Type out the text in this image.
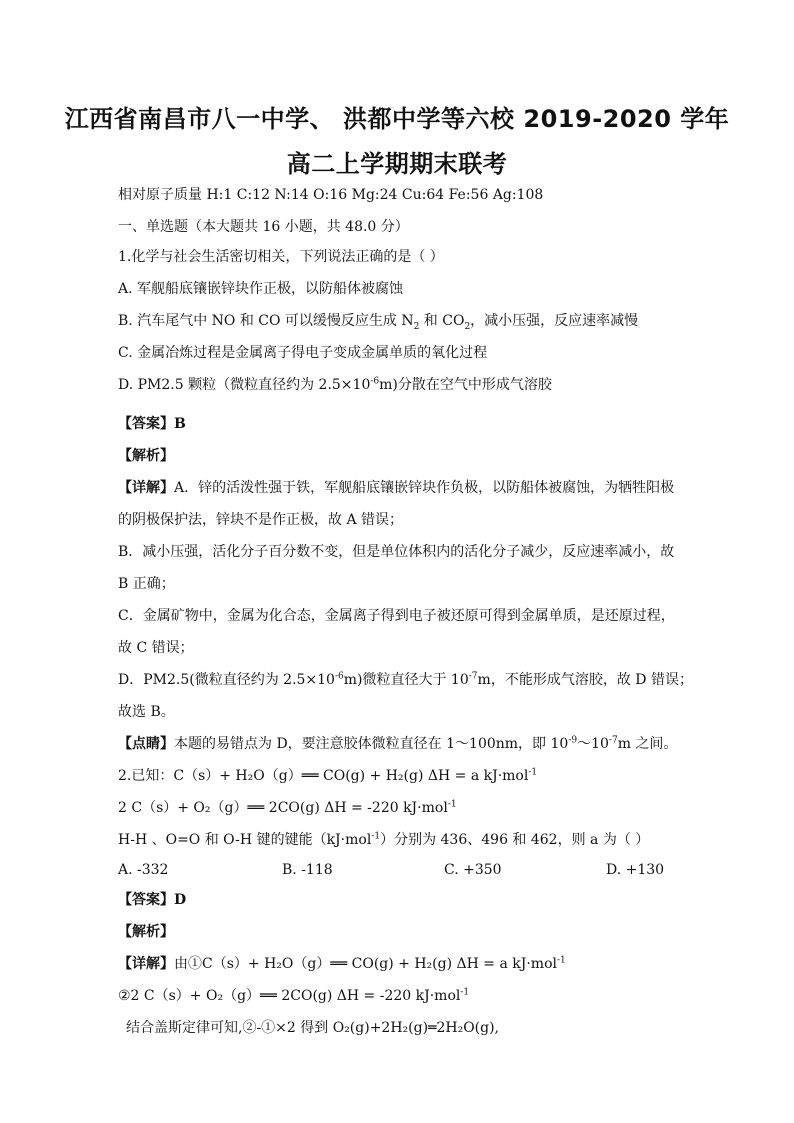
江西省南昌市八一中学、 洪都中学等六校 2019-2020 学年
高二上学期期末联考
相对原子质量 H:1 C:12 N:14 O:16 Mg:24 Cu:64 Fe:56 Ag:108
一、单选题（本大题共 16 小题，共 48.0 分）
1.化学与社会生活密切相关，下列说法正确的是（ ）
A. 军舰船底镶嵌锌块作正极，以防船体被腐蚀
B. 汽车尾气中 NO 和 CO 可以缓慢反应生成 $N_2$ 和 $CO_2$，减小压强，反应速率减慢
C. 金属冶炼过程是金属离子得电子变成金属单质的氧化过程
D. PM2.5 颗粒（微粒直径约为 $2.5\times 10^{-6}m$)分散在空气中形成气溶胶
【答案】B
【解析】
【详解】A．锌的活泼性强于铁，军舰船底镶嵌锌块作负极，以防船体被腐蚀，为牺牲阳极
的阴极保护法，锌块不是作正极，故 A 错误；
B．减小压强，活化分子百分数不变，但是单位体积内的活化分子减少，反应速率减小，故
B 正确；
C．金属矿物中，金属为化合态，金属离子得到电子被还原可得到金属单质，是还原过程，
故 C 错误；
D．PM2.5(微粒直径约为 $2.5\times 10^{-6}m$)微粒直径大于 $10^{-7}m$，不能形成气溶胶，故 D 错误；
故选 B。
【点睛】本题的易错点为 D，要注意胶体微粒直径在 1～100nm，即 $10^{-9}\sim 10^{-7}m$ 之间。
2.已知：C（s）+ H₂O（g）══ CO(g) + H₂(g) ΔH = a kJ·mol$^{-1}$
2 C（s）+ O₂（g）══ 2CO(g) ΔH = -220 kJ·mol$^{-1}$
H-H 、O=O 和 O-H 键的键能（kJ·mol$^{-1}$）分别为 436、496 和 462，则 a 为（ ）
A. -332	B. -118	C. +350	D. +130
【答案】D
【解析】
【详解】由①C（s）+ H₂O（g）══ CO(g) + H₂(g) ΔH = a kJ·mol$^{-1}$
②2 C（s）+ O₂（g）══ 2CO(g) ΔH = -220 kJ·mol$^{-1}$
结合盖斯定律可知,②-①×2 得到 O₂(g)+2H₂(g)═2H₂O(g),
